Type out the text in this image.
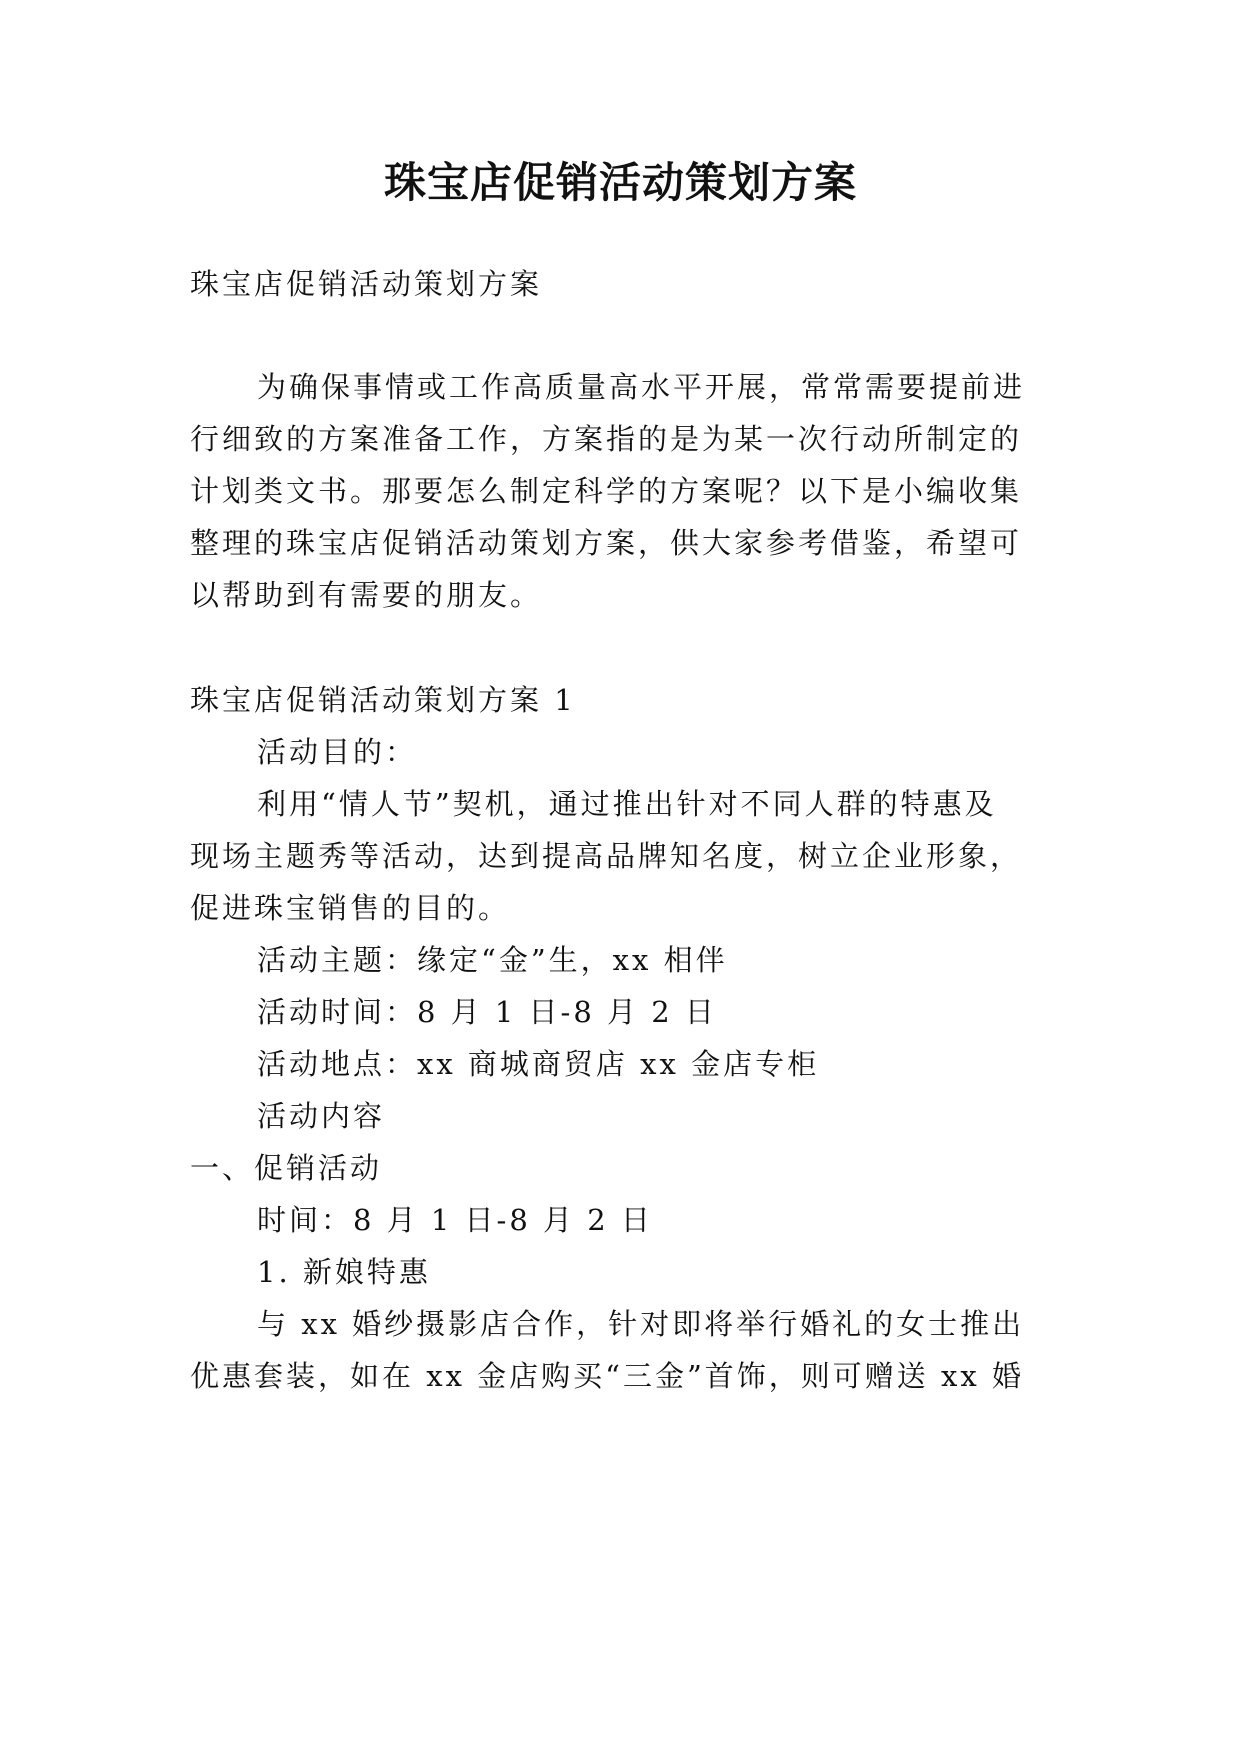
珠宝店促销活动策划方案
珠宝店促销活动策划方案
为确保事情或工作高质量高水平开展，常常需要提前进
行细致的方案准备工作，方案指的是为某一次行动所制定的
计划类文书。那要怎么制定科学的方案呢？以下是小编收集
整理的珠宝店促销活动策划方案，供大家参考借鉴，希望可
以帮助到有需要的朋友。
珠宝店促销活动策划方案 1
活动目的：
利用“情人节”契机，通过推出针对不同人群的特惠及
现场主题秀等活动，达到提高品牌知名度，树立企业形象，
促进珠宝销售的目的。
活动主题：缘定“金”生，xx 相伴
活动时间：8 月 1 日-8 月 2 日
活动地点：xx 商城商贸店 xx 金店专柜
活动内容
一、促销活动
时间：8 月 1 日-8 月 2 日
1. 新娘特惠
与 xx 婚纱摄影店合作，针对即将举行婚礼的女士推出
优惠套装，如在 xx 金店购买“三金”首饰，则可赠送 xx 婚
